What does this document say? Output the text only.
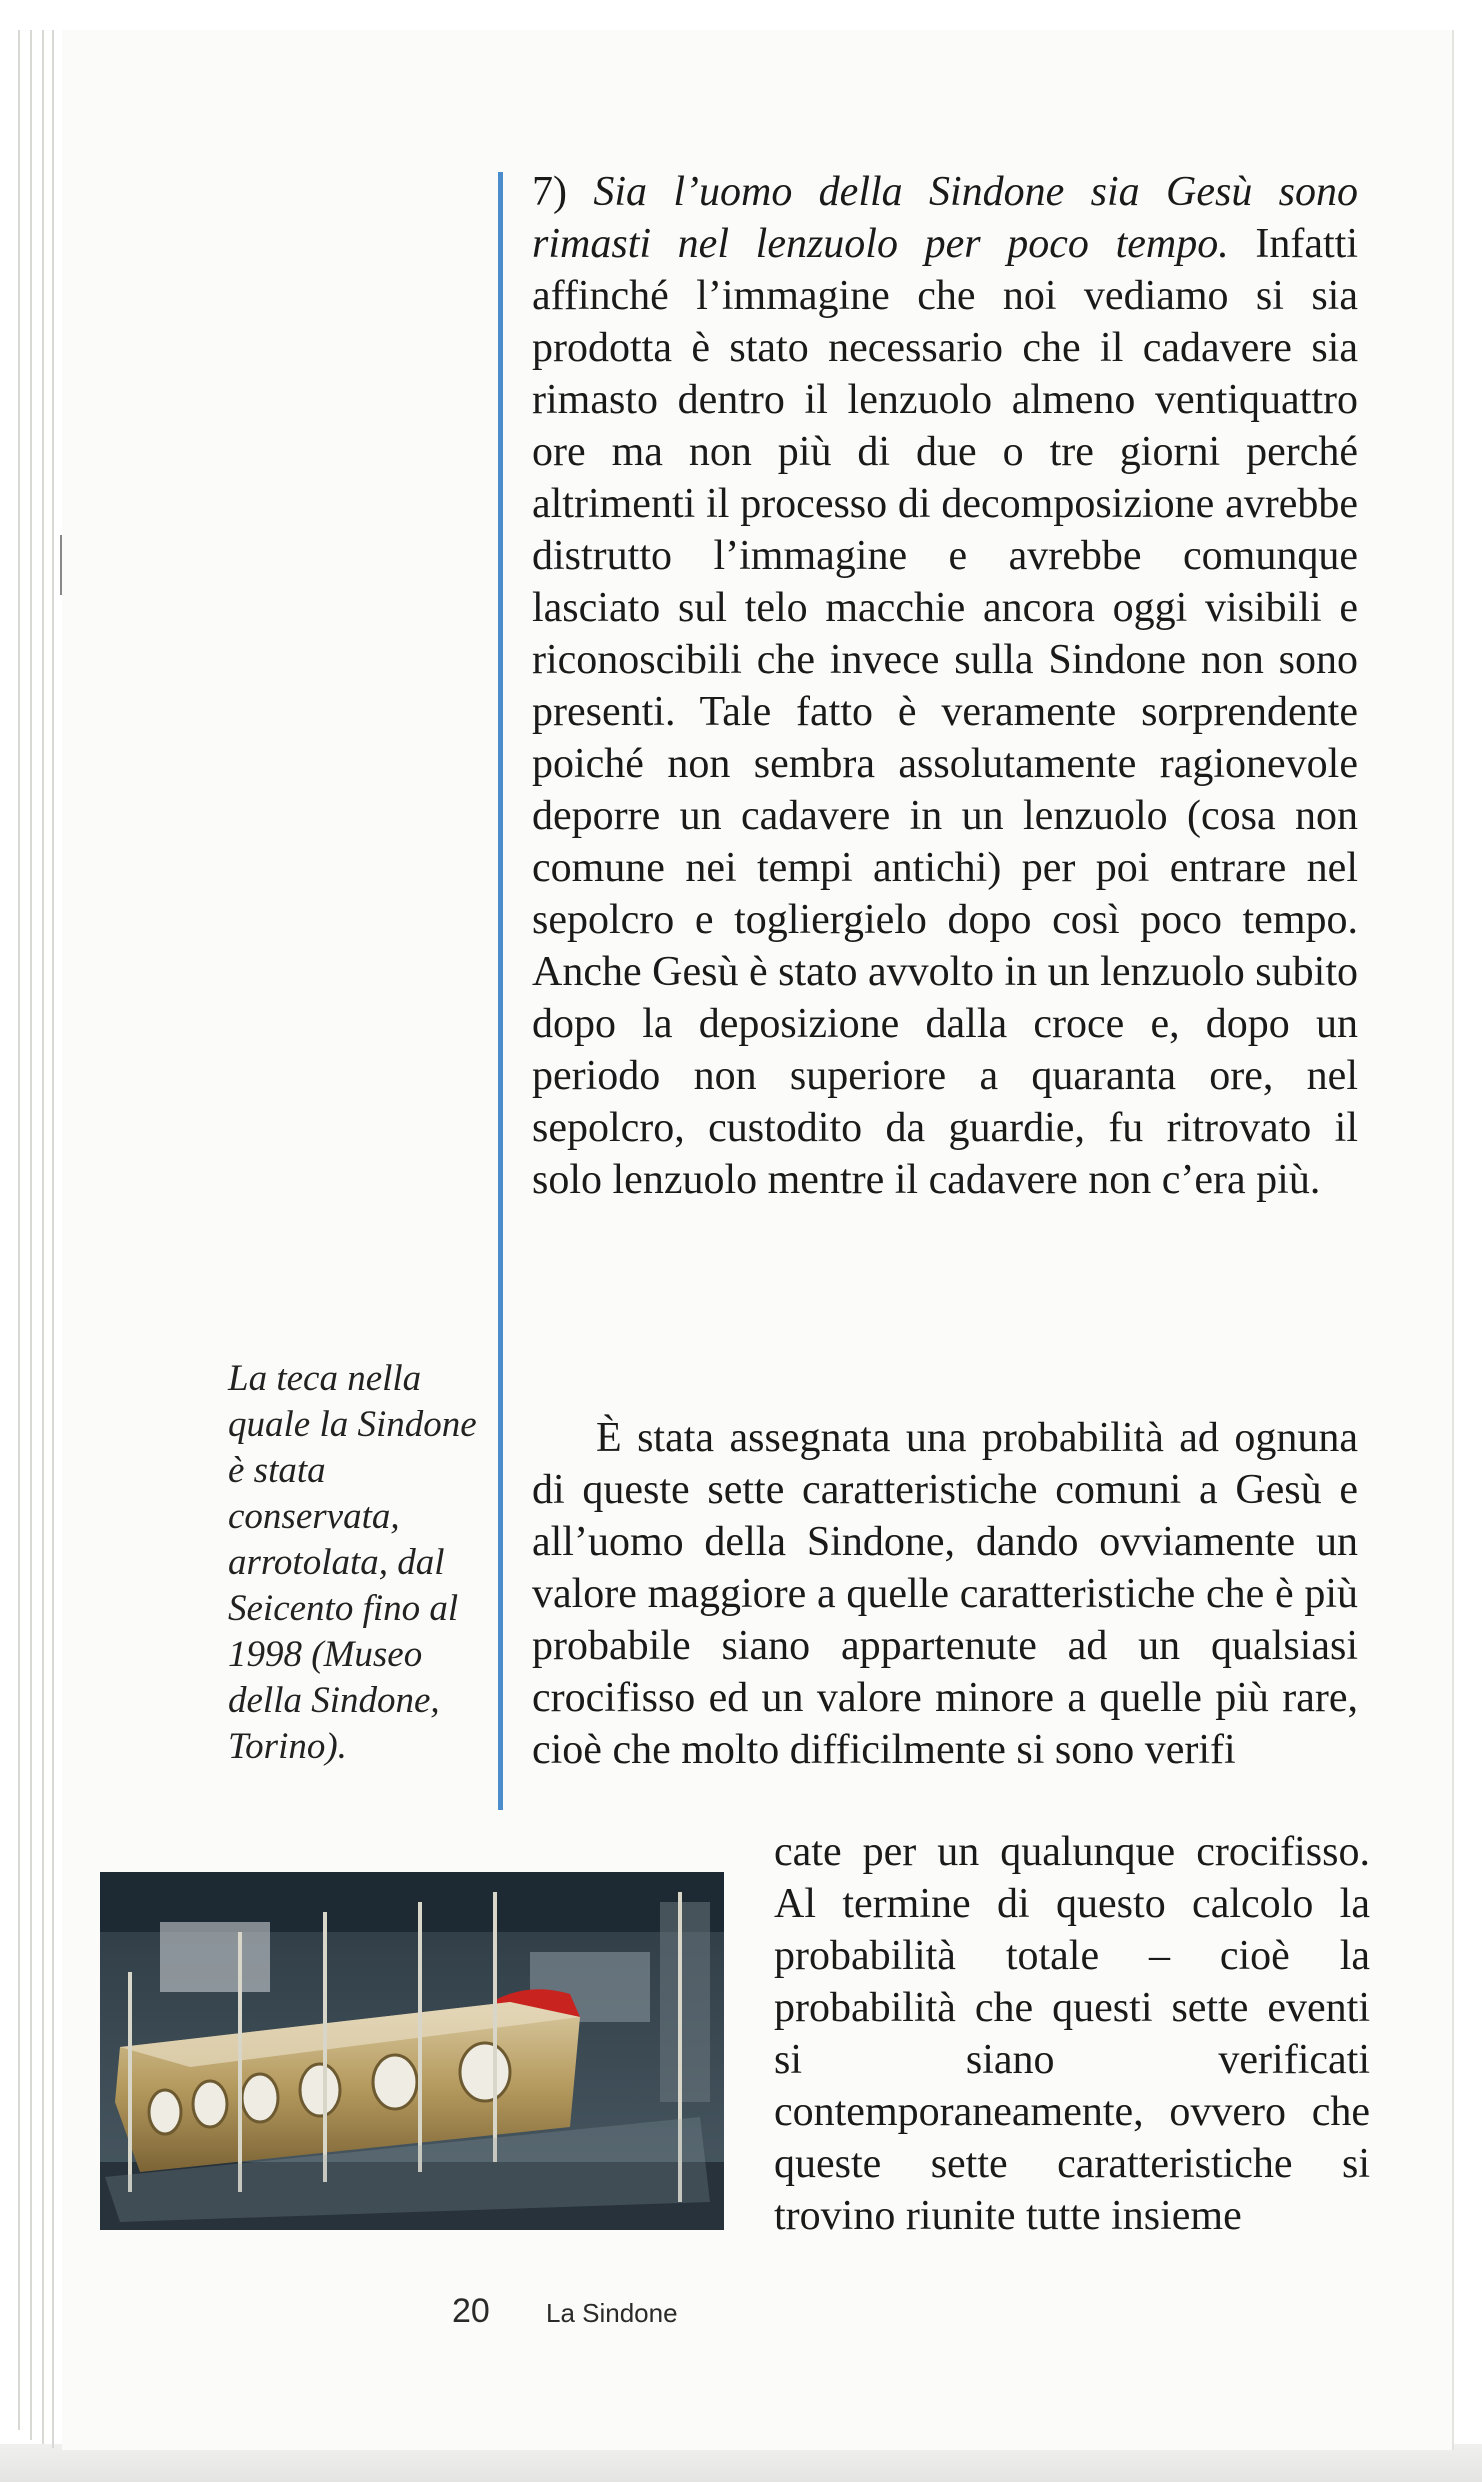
7) Sia l’uomo della Sindone sia Gesù sono rimasti nel lenzuolo per poco tempo. Infatti affinché l’immagine che noi vediamo si sia prodotta è stato necessario che il cadavere sia rimasto dentro il lenzuolo almeno ventiquattro ore ma non più di due o tre giorni perché altrimenti il processo di decomposizione avrebbe distrutto l’immagine e avrebbe comunque lasciato sul telo macchie ancora oggi visibili e riconoscibili che invece sulla Sindone non sono presenti. Tale fatto è veramente sorprendente poiché non sembra assolutamente ragionevole deporre un cadavere in un lenzuolo (cosa non comune nei tempi antichi) per poi entrare nel sepolcro e togliergielo dopo così poco tempo. Anche Gesù è stato avvolto in un lenzuolo subito dopo la deposizione dalla croce e, dopo un periodo non superiore a quaranta ore, nel sepolcro, custodito da guardie, fu ritrovato il solo lenzuolo mentre il cadavere non c’era più.

È stata assegnata una probabilità ad ognuna di queste sette caratteristiche comuni a Gesù e all’uomo della Sindone, dando ovviamente un valore maggiore a quelle caratteristiche che è più probabile siano appartenute ad un qualsiasi crocifisso ed un valore minore a quelle più rare, cioè che molto difficilmente si sono verifi

cate per un qualunque crocifisso. Al termine di questo calcolo la probabilità totale – cioè la probabilità che questi sette eventi si siano verificati contemporaneamente, ovvero che queste sette caratteristiche si trovino riunite tutte insieme

La teca nella quale la Sindone è stata conservata, arrotolata, dal Seicento fino al 1998 (Museo della Sindone, Torino).

20 La Sindone
